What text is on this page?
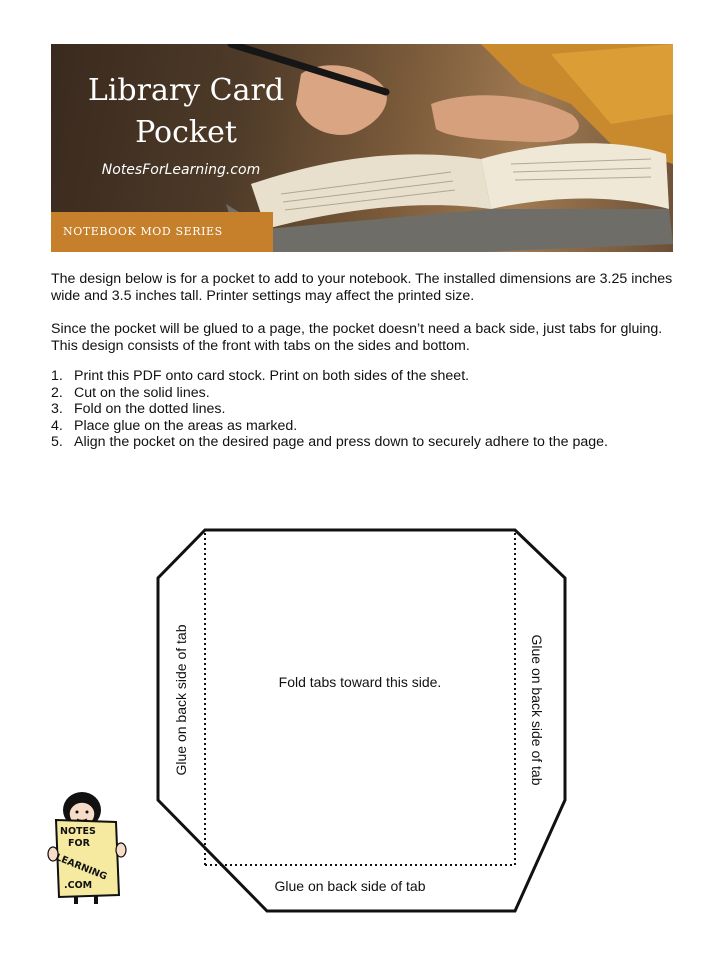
Library Card
Pocket
NotesForLearning.com
NOTEBOOK MOD SERIES

The design below is for a pocket to add to your notebook. The installed dimensions are 3.25 inches wide and 3.5 inches tall. Printer settings may affect the printed size.

Since the pocket will be glued to a page, the pocket doesn’t need a back side, just tabs for gluing. This design consists of the front with tabs on the sides and bottom.

1. Print this PDF onto card stock. Print on both sides of the sheet.
2. Cut on the solid lines.
3. Fold on the dotted lines.
4. Place glue on the areas as marked.
5. Align the pocket on the desired page and press down to securely adhere to the page.
Fold tabs toward this side.
Glue on back side of tab	Glue on back side of tab
Glue on back side of tab
NOTES
FOR
LEARNING
.COM
